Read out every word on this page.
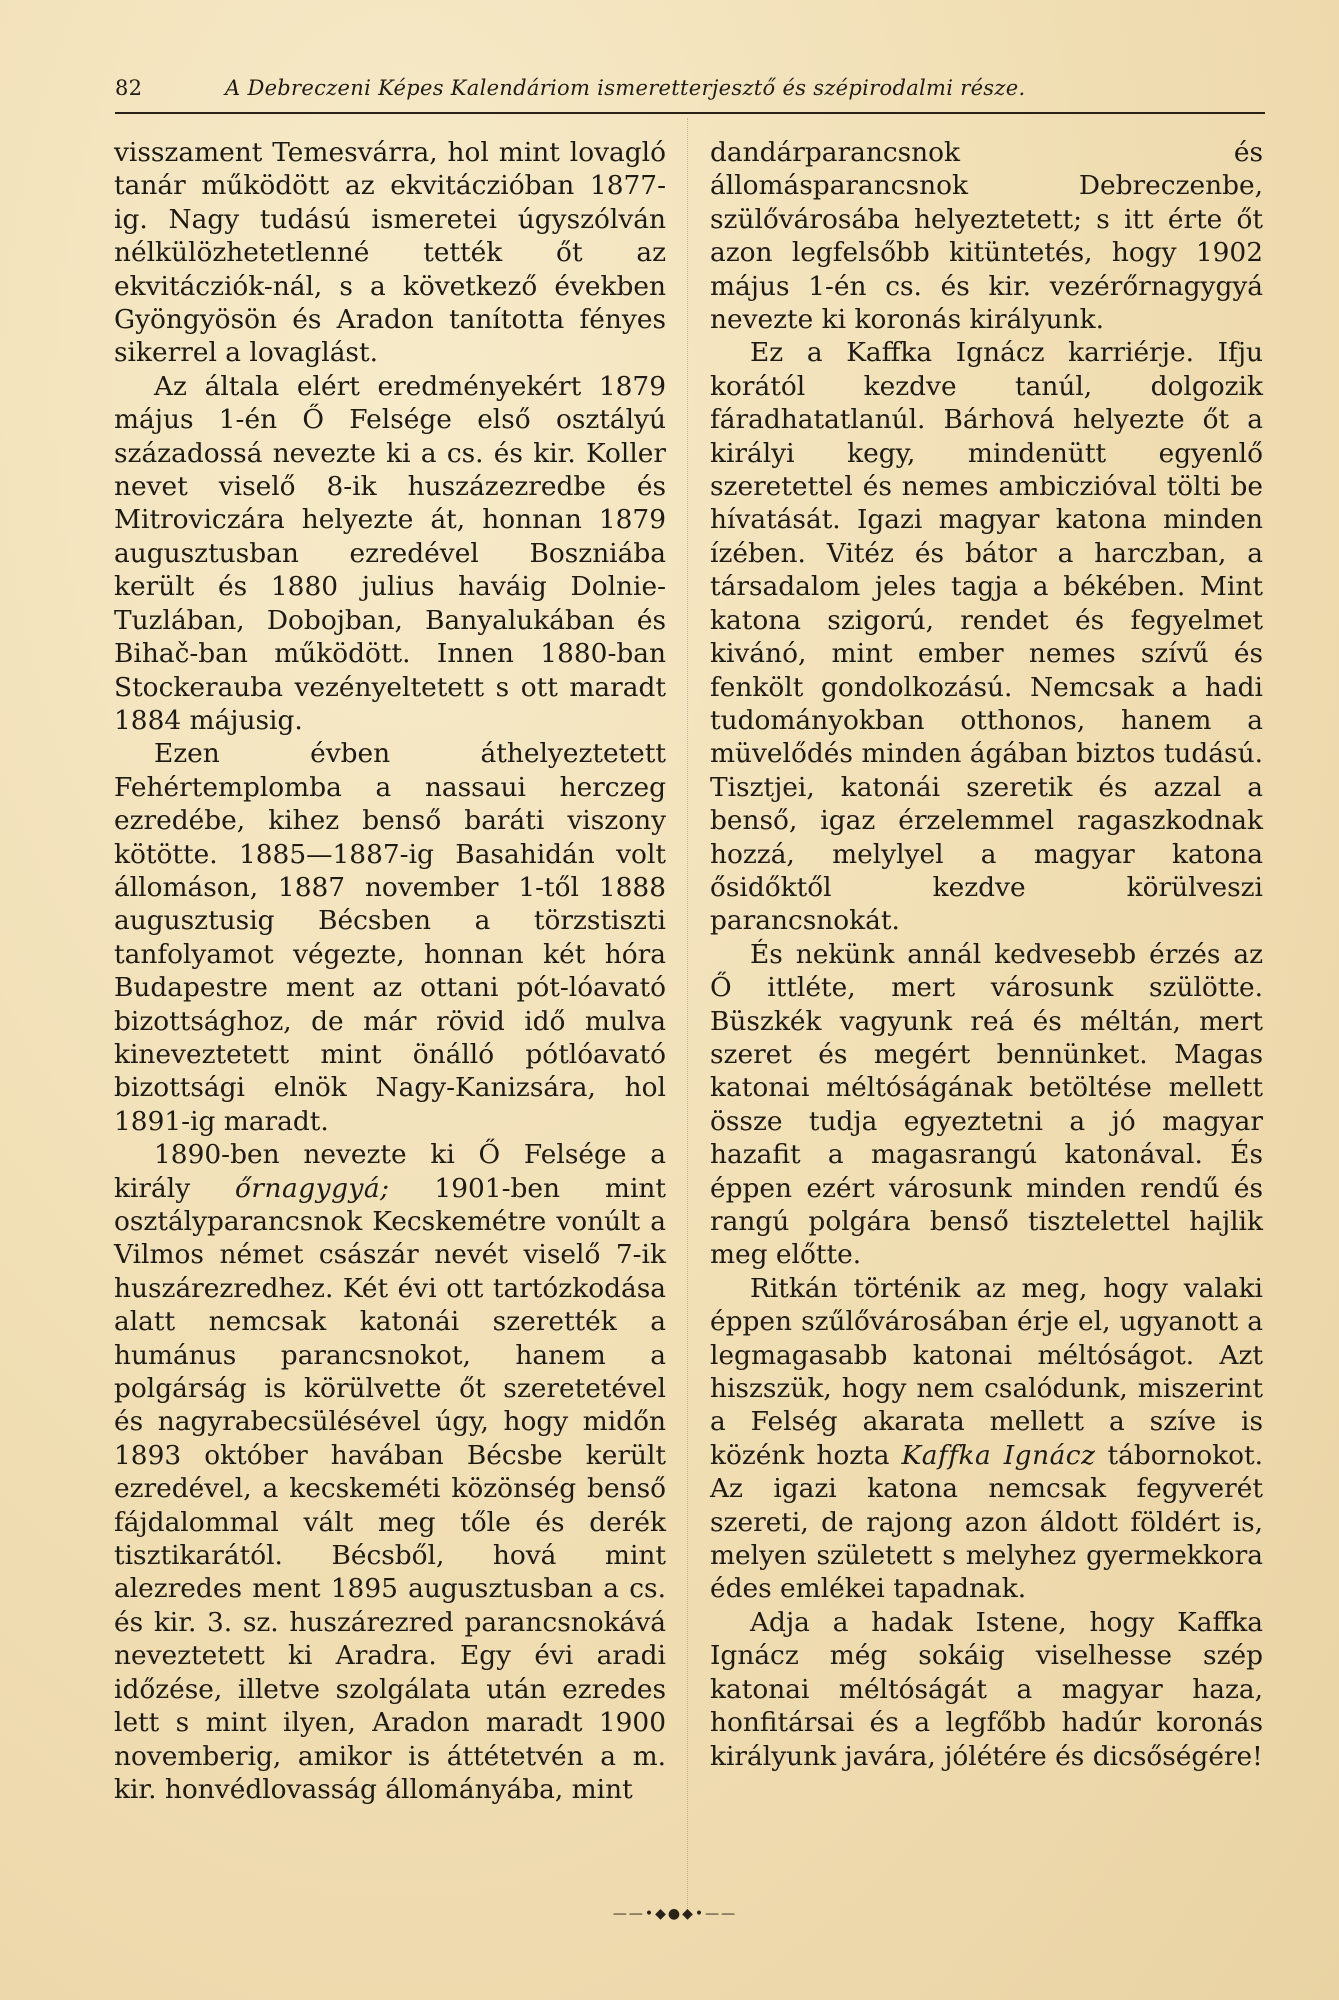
82	A Debreczeni Képes Kalendáriom ismeretterjesztő és szépirodalmi része.

visszament Temesvárra, hol mint lovagló tanár működött az ekvitáczióban 1877-ig. Nagy tudású ismeretei úgyszólván nélkülözhetetlenné tették őt az ekvitácziók-nál, s a következő években Gyöngyösön és Aradon tanította fényes sikerrel a lovaglást.

Az általa elért eredményekért 1879 május 1-én Ő Felsége első osztályú századossá nevezte ki a cs. és kir. Koller nevet viselő 8-ik huszázezredbe és Mitroviczára helyezte át, honnan 1879 augusztusban ezredével Boszniába került és 1880 julius haváig Dolnie-Tuzlában, Dobojban, Banyalukában és Bihač-ban működött. Innen 1880-ban Stockerauba vezényeltetett s ott maradt 1884 májusig.

Ezen évben áthelyeztetett Fehértemplomba a nassaui herczeg ezredébe, kihez benső baráti viszony kötötte. 1885—1887-ig Basahidán volt állomáson, 1887 november 1-től 1888 augusztusig Bécsben a törzstiszti tanfolyamot végezte, honnan két hóra Budapestre ment az ottani pót-lóavató bizottsághoz, de már rövid idő mulva kineveztetett mint önálló pótlóavató bizottsági elnök Nagy-Kanizsára, hol 1891-ig maradt.

1890-ben nevezte ki Ő Felsége a király őrnagygyá; 1901-ben mint osztályparancsnok Kecskemétre vonúlt a Vilmos német császár nevét viselő 7-ik huszárezredhez. Két évi ott tartózkodása alatt nemcsak katonái szerették a humánus parancsnokot, hanem a polgárság is körülvette őt szeretetével és nagyrabecsülésével úgy, hogy midőn 1893 október havában Bécsbe került ezredével, a kecskeméti közönség benső fájdalommal vált meg tőle és derék tisztikarától. Bécsből, hová mint alezredes ment 1895 augusztusban a cs. és kir. 3. sz. huszárezred parancsnokává neveztetett ki Aradra. Egy évi aradi időzése, illetve szolgálata után ezredes lett s mint ilyen, Aradon maradt 1900 novemberig, amikor is áttétetvén a m. kir. honvédlovasság állományába, mint

dandárparancsnok és állomásparancsnok Debreczenbe, szülővárosába helyeztetett; s itt érte őt azon legfelsőbb kitüntetés, hogy 1902 május 1-én cs. és kir. vezérőrnagygyá nevezte ki koronás királyunk.

Ez a Kaffka Ignácz karriérje. Ifju korától kezdve tanúl, dolgozik fáradhatatlanúl. Bárhová helyezte őt a királyi kegy, mindenütt egyenlő szeretettel és nemes ambiczióval tölti be hívatását. Igazi magyar katona minden ízében. Vitéz és bátor a harczban, a társadalom jeles tagja a békében. Mint katona szigorú, rendet és fegyelmet kivánó, mint ember nemes szívű és fenkölt gondolkozású. Nemcsak a hadi tudományokban otthonos, hanem a müvelődés minden ágában biztos tudású. Tisztjei, katonái szeretik és azzal a benső, igaz érzelemmel ragaszkodnak hozzá, melylyel a magyar katona ősidőktől kezdve körülveszi parancsnokát.

És nekünk annál kedvesebb érzés az Ő ittléte, mert városunk szülötte. Büszkék vagyunk reá és méltán, mert szeret és megért bennünket. Magas katonai méltóságának betöltése mellett össze tudja egyeztetni a jó magyar hazafit a magasrangú katonával. És éppen ezért városunk minden rendű és rangú polgára benső tisztelettel hajlik meg előtte.

Ritkán történik az meg, hogy valaki éppen szűlővárosában érje el, ugyanott a legmagasabb katonai méltóságot. Azt hiszszük, hogy nem csalódunk, miszerint a Felség akarata mellett a szíve is közénk hozta Kaffka Ignácz tábornokot. Az igazi katona nemcsak fegyverét szereti, de rajong azon áldott földért is, melyen született s melyhez gyermekkora édes emlékei tapadnak.

Adja a hadak Istene, hogy Kaffka Ignácz még sokáig viselhesse szép katonai méltóságát a magyar haza, honfitársai és a legfőbb hadúr koronás királyunk javára, jólétére és dicsőségére!

——•◆●◆•——
